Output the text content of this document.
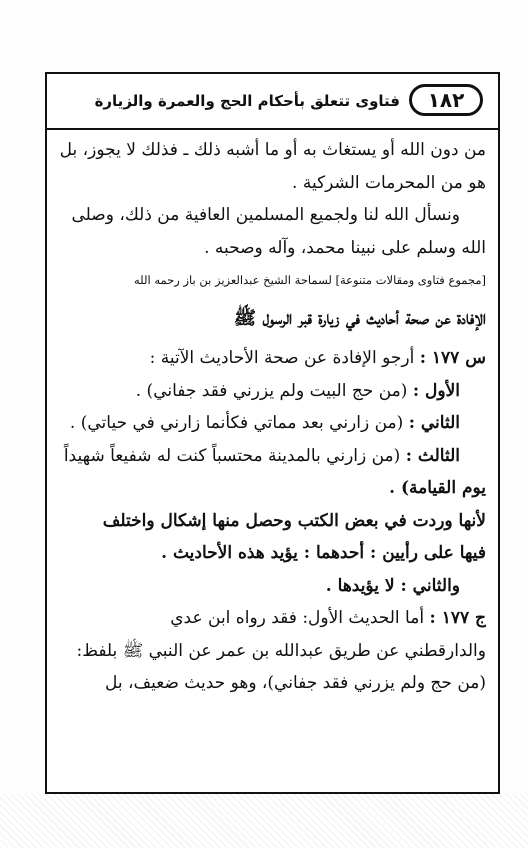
١٨٢
فتاوى تتعلق بأحكام الحج والعمرة والزيارة
من دون الله أو يستغاث به أو ما أشبه ذلك ـ فذلك لا يجوز، بل
هو من المحرمات الشركية .
ونسأل الله لنا ولجميع المسلمين العافية من ذلك، وصلى
الله وسلم على نبينا محمد، وآله وصحبه .
[مجموع فتاوى ومقالات متنوعة] لسماحة الشيخ عبدالعزيز بن باز رحمه الله
الإفادة عن صحة أحاديث في زيارة قبر الرسول ﷺ
س ١٧٧ : أرجو الإفادة عن صحة الأحاديث الآتية :
الأول : (من حج البيت ولم يزرني فقد جفاني) .
الثاني : (من زارني بعد مماتي فكأنما زارني في حياتي) .
الثالث : (من زارني بالمدينة محتسباً كنت له شفيعاً شهيداً
يوم القيامة) .
لأنها وردت في بعض الكتب وحصل منها إشكال واختلف
فيها على رأيين : أحدهما : يؤيد هذه الأحاديث .
والثاني : لا يؤيدها .
ج ١٧٧ : أما الحديث الأول: فقد رواه ابن عدي
والدارقطني عن طريق عبدالله بن عمر عن النبي ﷺ بلفظ:
(من حج ولم يزرني فقد جفاني)، وهو حديث ضعيف، بل
